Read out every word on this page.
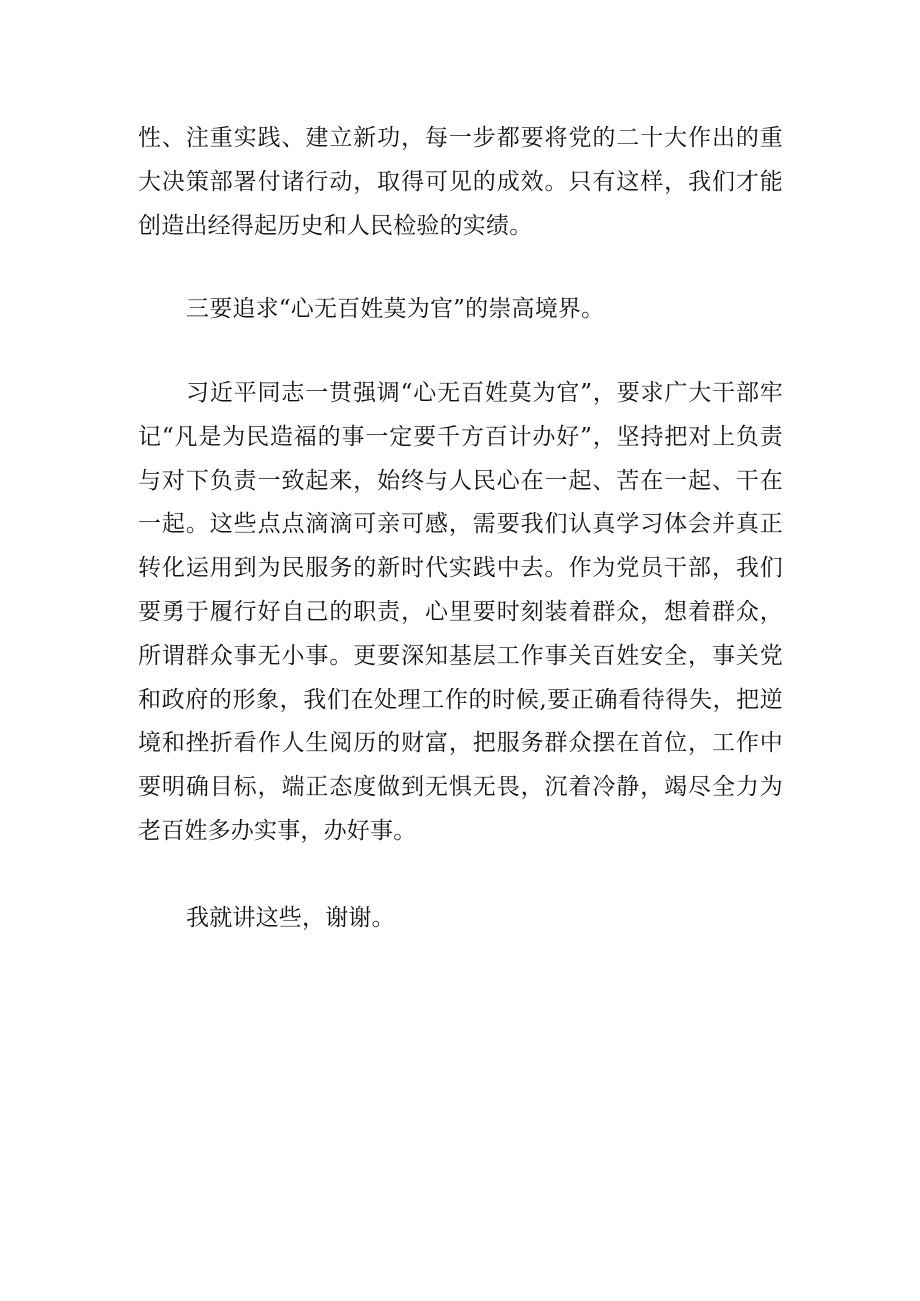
性、注重实践、建立新功，每一步都要将党的二十大作出的重大决策部署付诸行动，取得可见的成效。只有这样，我们才能创造出经得起历史和人民检验的实绩。

三要追求“心无百姓莫为官”的崇高境界。

习近平同志一贯强调“心无百姓莫为官”，要求广大干部牢记“凡是为民造福的事一定要千方百计办好”，坚持把对上负责与对下负责一致起来，始终与人民心在一起、苦在一起、干在一起。这些点点滴滴可亲可感，需要我们认真学习体会并真正转化运用到为民服务的新时代实践中去。作为党员干部，我们要勇于履行好自己的职责，心里要时刻装着群众，想着群众，所谓群众事无小事。更要深知基层工作事关百姓安全，事关党和政府的形象，我们在处理工作的时候,要正确看待得失，把逆境和挫折看作人生阅历的财富，把服务群众摆在首位，工作中要明确目标，端正态度做到无惧无畏，沉着冷静，竭尽全力为老百姓多办实事，办好事。

我就讲这些，谢谢。
